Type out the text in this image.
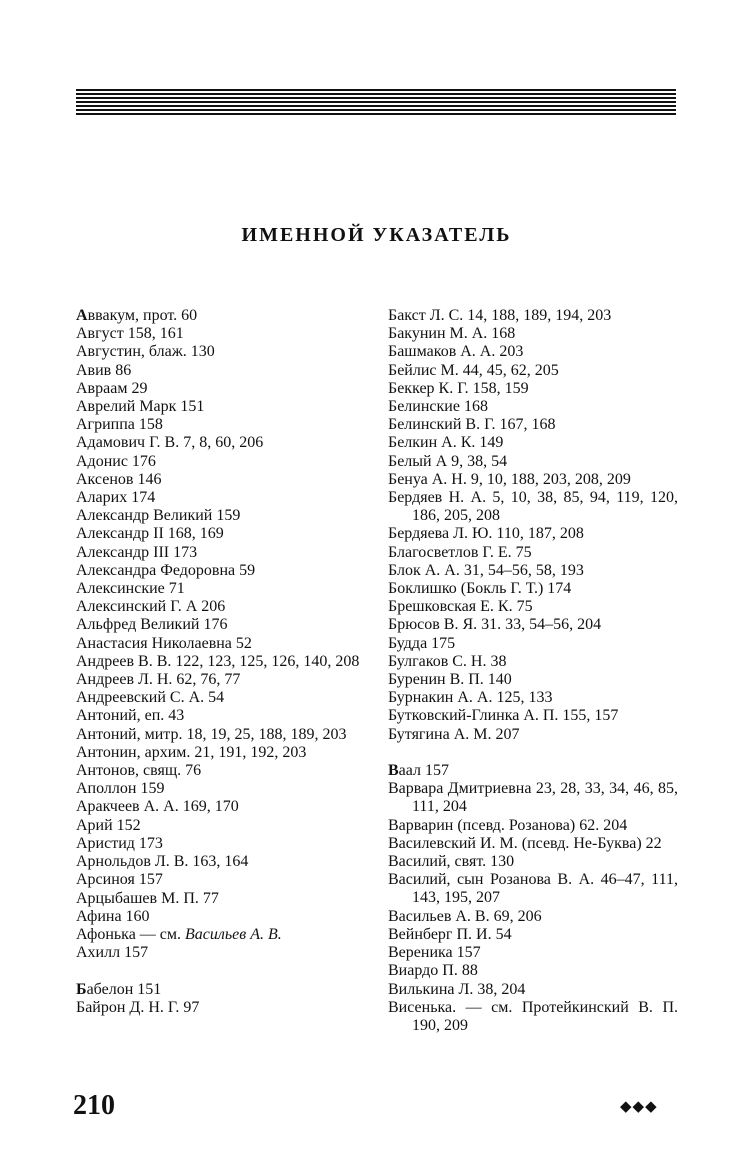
ИМЕННОЙ УКАЗАТЕЛЬ
Аввакум, прот. 60
Август 158, 161
Августин, блаж. 130
Авив 86
Авраам 29
Аврелий Марк 151
Агриппа 158
Адамович Г. В. 7, 8, 60, 206
Адонис 176
Аксенов 146
Аларих 174
Александр Великий 159
Александр II 168, 169
Александр III 173
Александра Федоровна 59
Алексинские 71
Алексинский Г. А 206
Альфред Великий 176
Анастасия Николаевна 52
Андреев В. В. 122, 123, 125, 126, 140, 208
Андреев Л. Н. 62, 76, 77
Андреевский С. А. 54
Антоний, еп. 43
Антоний, митр. 18, 19, 25, 188, 189, 203
Антонин, архим. 21, 191, 192, 203
Антонов, свящ. 76
Аполлон 159
Аракчеев А. А. 169, 170
Арий 152
Аристид 173
Арнольдов Л. В. 163, 164
Арсиноя 157
Арцыбашев М. П. 77
Афина 160
Афонька — см. Васильев А. В.
Ахилл 157
Бабелон 151
Байрон Д. Н. Г. 97
Бакст Л. С. 14, 188, 189, 194, 203
Бакунин М. А. 168
Башмаков А. А. 203
Бейлис М. 44, 45, 62, 205
Беккер К. Г. 158, 159
Белинские 168
Белинский В. Г. 167, 168
Белкин А. К. 149
Белый А 9, 38, 54
Бенуа А. Н. 9, 10, 188, 203, 208, 209
Бердяев Н. А. 5, 10, 38, 85, 94, 119, 120, 186, 205, 208
Бердяева Л. Ю. 110, 187, 208
Благосветлов Г. Е. 75
Блок А. А. 31, 54–56, 58, 193
Боклишко (Бокль Г. Т.) 174
Брешковская Е. К. 75
Брюсов В. Я. 31. 33, 54–56, 204
Будда 175
Булгаков С. Н. 38
Буренин В. П. 140
Бурнакин А. А. 125, 133
Бутковский-Глинка А. П. 155, 157
Бутягина А. М. 207
Ваал 157
Варвара Дмитриевна 23, 28, 33, 34, 46, 85, 111, 204
Варварин (псевд. Розанова) 62. 204
Василевский И. М. (псевд. Не-Буква) 22
Василий, свят. 130
Василий, сын Розанова В. А. 46–47, 111, 143, 195, 207
Васильев А. В. 69, 206
Вейнберг П. И. 54
Вереника 157
Виардо П. 88
Вилькина Л. 38, 204
Висенька. — см. Протейкинский В. П. 190, 209
210	◆◆◆
